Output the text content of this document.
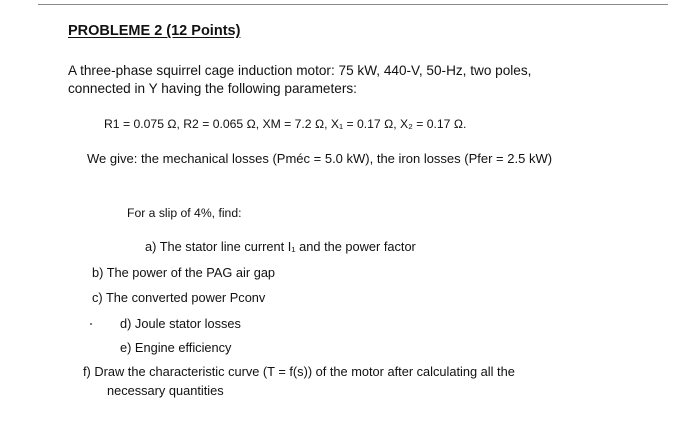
PROBLEME 2 (12 Points)
A three-phase squirrel cage induction motor: 75 kW, 440-V, 50-Hz, two poles,
connected in Y having the following parameters:
R1 = 0.075 Ω, R2 = 0.065 Ω, XM = 7.2 Ω, X₁ = 0.17 Ω, X₂ = 0.17 Ω.
We give: the mechanical losses (Pméc = 5.0 kW), the iron losses (Pfer = 2.5 kW)
For a slip of 4%, find:
a) The stator line current I₁ and the power factor
b) The power of the PAG air gap
c) The converted power Pconv
d) Joule stator losses
e) Engine efficiency
f) Draw the characteristic curve (T = f(s)) of the motor after calculating all the
necessary quantities
